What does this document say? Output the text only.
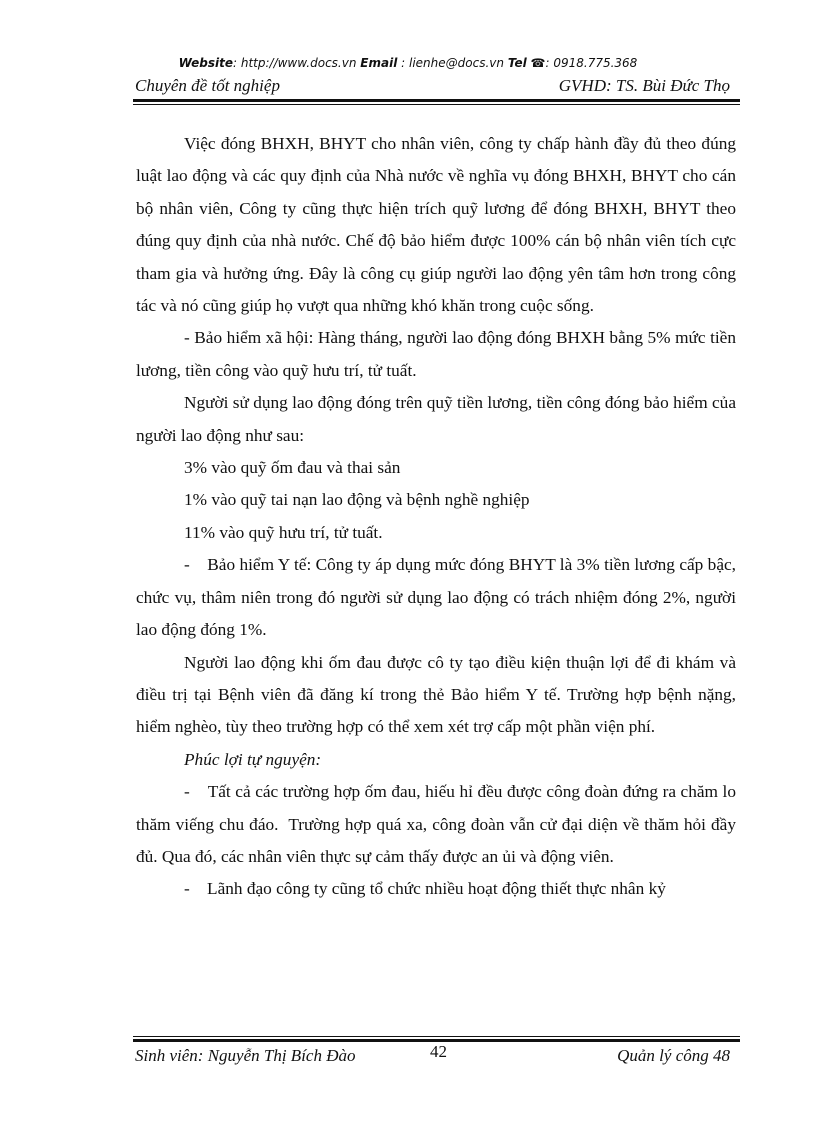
Website: http://www.docs.vn Email : lienhe@docs.vn Tel ☎: 0918.775.368
Chuyên đề tốt nghiệp	GVHD: TS. Bùi Đức Thọ

Việc đóng BHXH, BHYT cho nhân viên, công ty chấp hành đầy đủ theo đúng luật lao động và các quy định của Nhà nước về nghĩa vụ đóng BHXH, BHYT cho cán bộ nhân viên, Công ty cũng thực hiện trích quỹ lương để đóng BHXH, BHYT theo đúng quy định của nhà nước. Chế độ bảo hiểm được 100% cán bộ nhân viên tích cực tham gia và hưởng ứng. Đây là công cụ giúp người lao động yên tâm hơn trong công tác và nó cũng giúp họ vượt qua những khó khăn trong cuộc sống.

- Bảo hiểm xã hội: Hàng tháng, người lao động đóng BHXH bằng 5% mức tiền lương, tiền công vào quỹ hưu trí, tử tuất.

Người sử dụng lao động đóng trên quỹ tiền lương, tiền công đóng bảo hiểm của người lao động như sau:

3% vào quỹ ốm đau và thai sản

1% vào quỹ tai nạn lao động và bệnh nghề nghiệp

11% vào quỹ hưu trí, tử tuất.

-    Bảo hiểm Y tế: Công ty áp dụng mức đóng BHYT là 3% tiền lương cấp bậc, chức vụ, thâm niên trong đó người sử dụng lao động có trách nhiệm đóng 2%, người lao động đóng 1%.

Người lao động khi ốm đau được cô ty tạo điều kiện thuận lợi để đi khám và điều trị tại Bệnh viên đã đăng kí trong thẻ Bảo hiểm Y tế. Trường hợp bệnh nặng, hiểm nghèo, tùy theo trường hợp có thể xem xét trợ cấp một phần viện phí.

Phúc lợi tự nguyện:

-    Tất cả các trường hợp ốm đau, hiếu hỉ đều được công đoàn đứng ra chăm lo thăm viếng chu đáo.  Trường hợp quá xa, công đoàn vẫn cử đại diện về thăm hỏi đầy đủ. Qua đó, các nhân viên thực sự cảm thấy được an ủi và động viên.

-    Lãnh đạo công ty cũng tổ chức nhiều hoạt động thiết thực nhân kỷ

Sinh viên: Nguyễn Thị Bích Đào	42	Quản lý công 48
